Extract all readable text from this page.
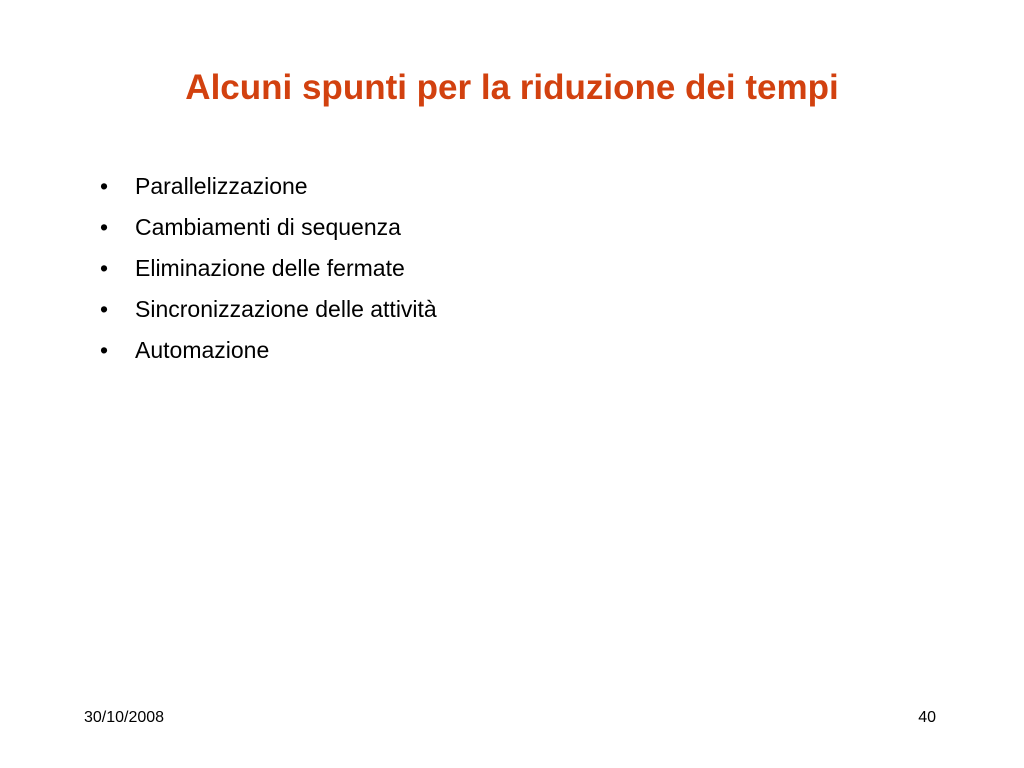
Alcuni spunti per la riduzione dei tempi
•	Parallelizzazione
•	Cambiamenti di sequenza
•	Eliminazione delle fermate
•	Sincronizzazione delle attività
•	Automazione
30/10/2008	40
